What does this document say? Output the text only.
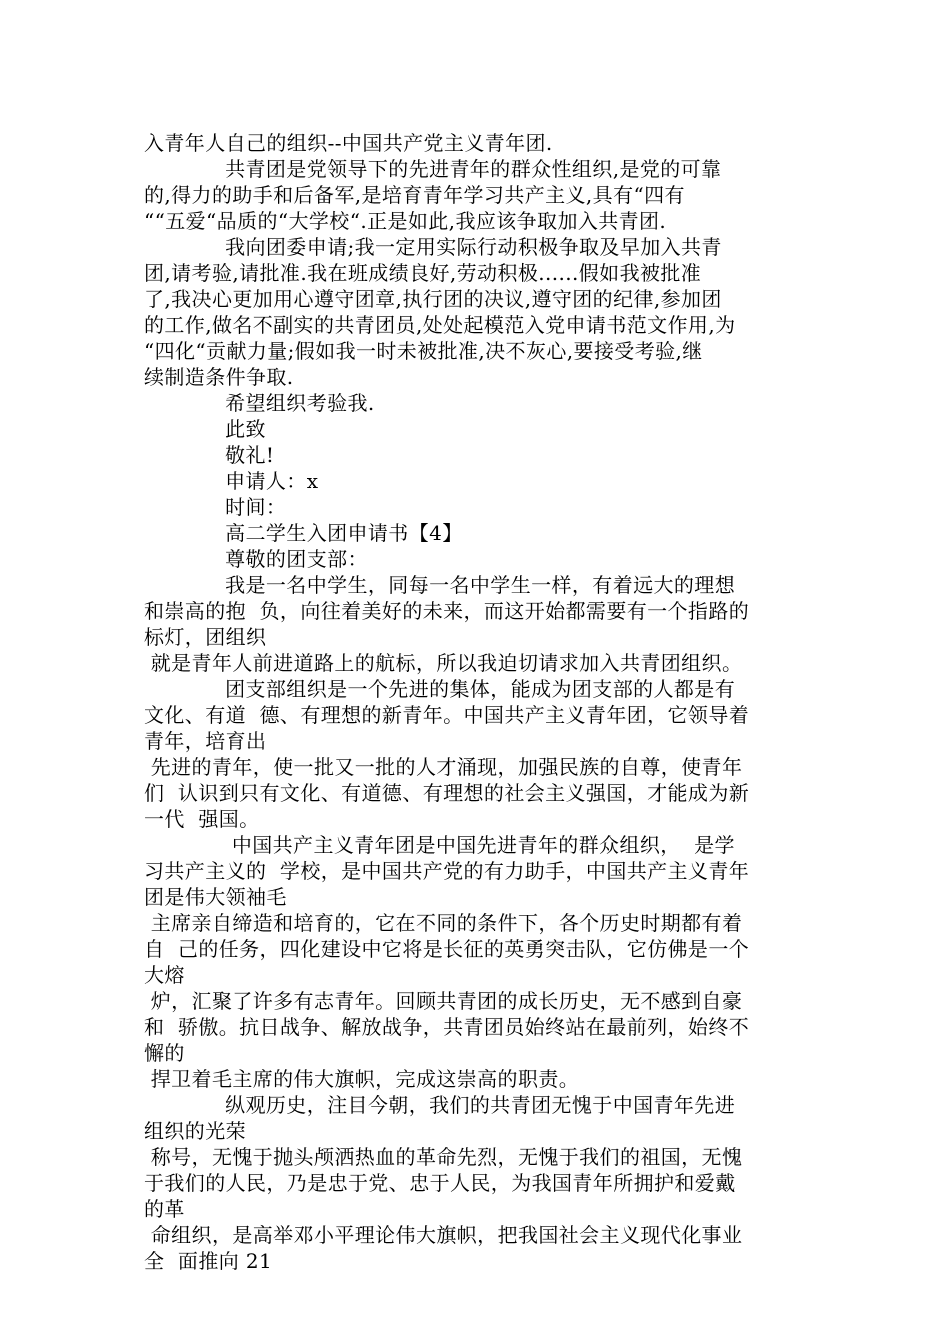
入青年人自己的组织--中国共产党主义青年团.
共青团是党领导下的先进青年的群众性组织,是党的可靠
的,得力的助手和后备军,是培育青年学习共产主义,具有“四有
““五爱“品质的“大学校“.正是如此,我应该争取加入共青团.
我向团委申请;我一定用实际行动积极争取及早加入共青
团,请考验,请批准.我在班成绩良好,劳动积极......假如我被批准
了,我决心更加用心遵守团章,执行团的决议,遵守团的纪律,参加团
的工作,做名不副实的共青团员,处处起模范入党申请书范文作用,为
“四化“贡献力量;假如我一时未被批准,决不灰心,要接受考验,继
续制造条件争取.
希望组织考验我.
此致
敬礼!
申请人：x
时间：
高二学生入团申请书【4】
尊敬的团支部：
我是一名中学生，同每一名中学生一样，有着远大的理想
和崇高的抱  负，向往着美好的未来，而这开始都需要有一个指路的
标灯，团组织
就是青年人前进道路上的航标，所以我迫切请求加入共青团组织。
团支部组织是一个先进的集体，能成为团支部的人都是有
文化、有道  德、有理想的新青年。中国共产主义青年团，它领导着
青年，培育出
先进的青年，使一批又一批的人才涌现，加强民族的自尊，使青年
们  认识到只有文化、有道德、有理想的社会主义强国，才能成为新
一代  强国。
中国共产主义青年团是中国先进青年的群众组织，  是学
习共产主义的  学校，是中国共产党的有力助手，中国共产主义青年
团是伟大领袖毛
主席亲自缔造和培育的，它在不同的条件下，各个历史时期都有着
自  己的任务，四化建设中它将是长征的英勇突击队，它仿佛是一个
大熔
炉，汇聚了许多有志青年。回顾共青团的成长历史，无不感到自豪
和  骄傲。抗日战争、解放战争，共青团员始终站在最前列，始终不
懈的
捍卫着毛主席的伟大旗帜，完成这崇高的职责。
纵观历史，注目今朝，我们的共青团无愧于中国青年先进
组织的光荣
称号，无愧于抛头颅洒热血的革命先烈，无愧于我们的祖国，无愧
于我们的人民，乃是忠于党、忠于人民，为我国青年所拥护和爱戴
的革
命组织，是高举邓小平理论伟大旗帜，把我国社会主义现代化事业
全  面推向 21
